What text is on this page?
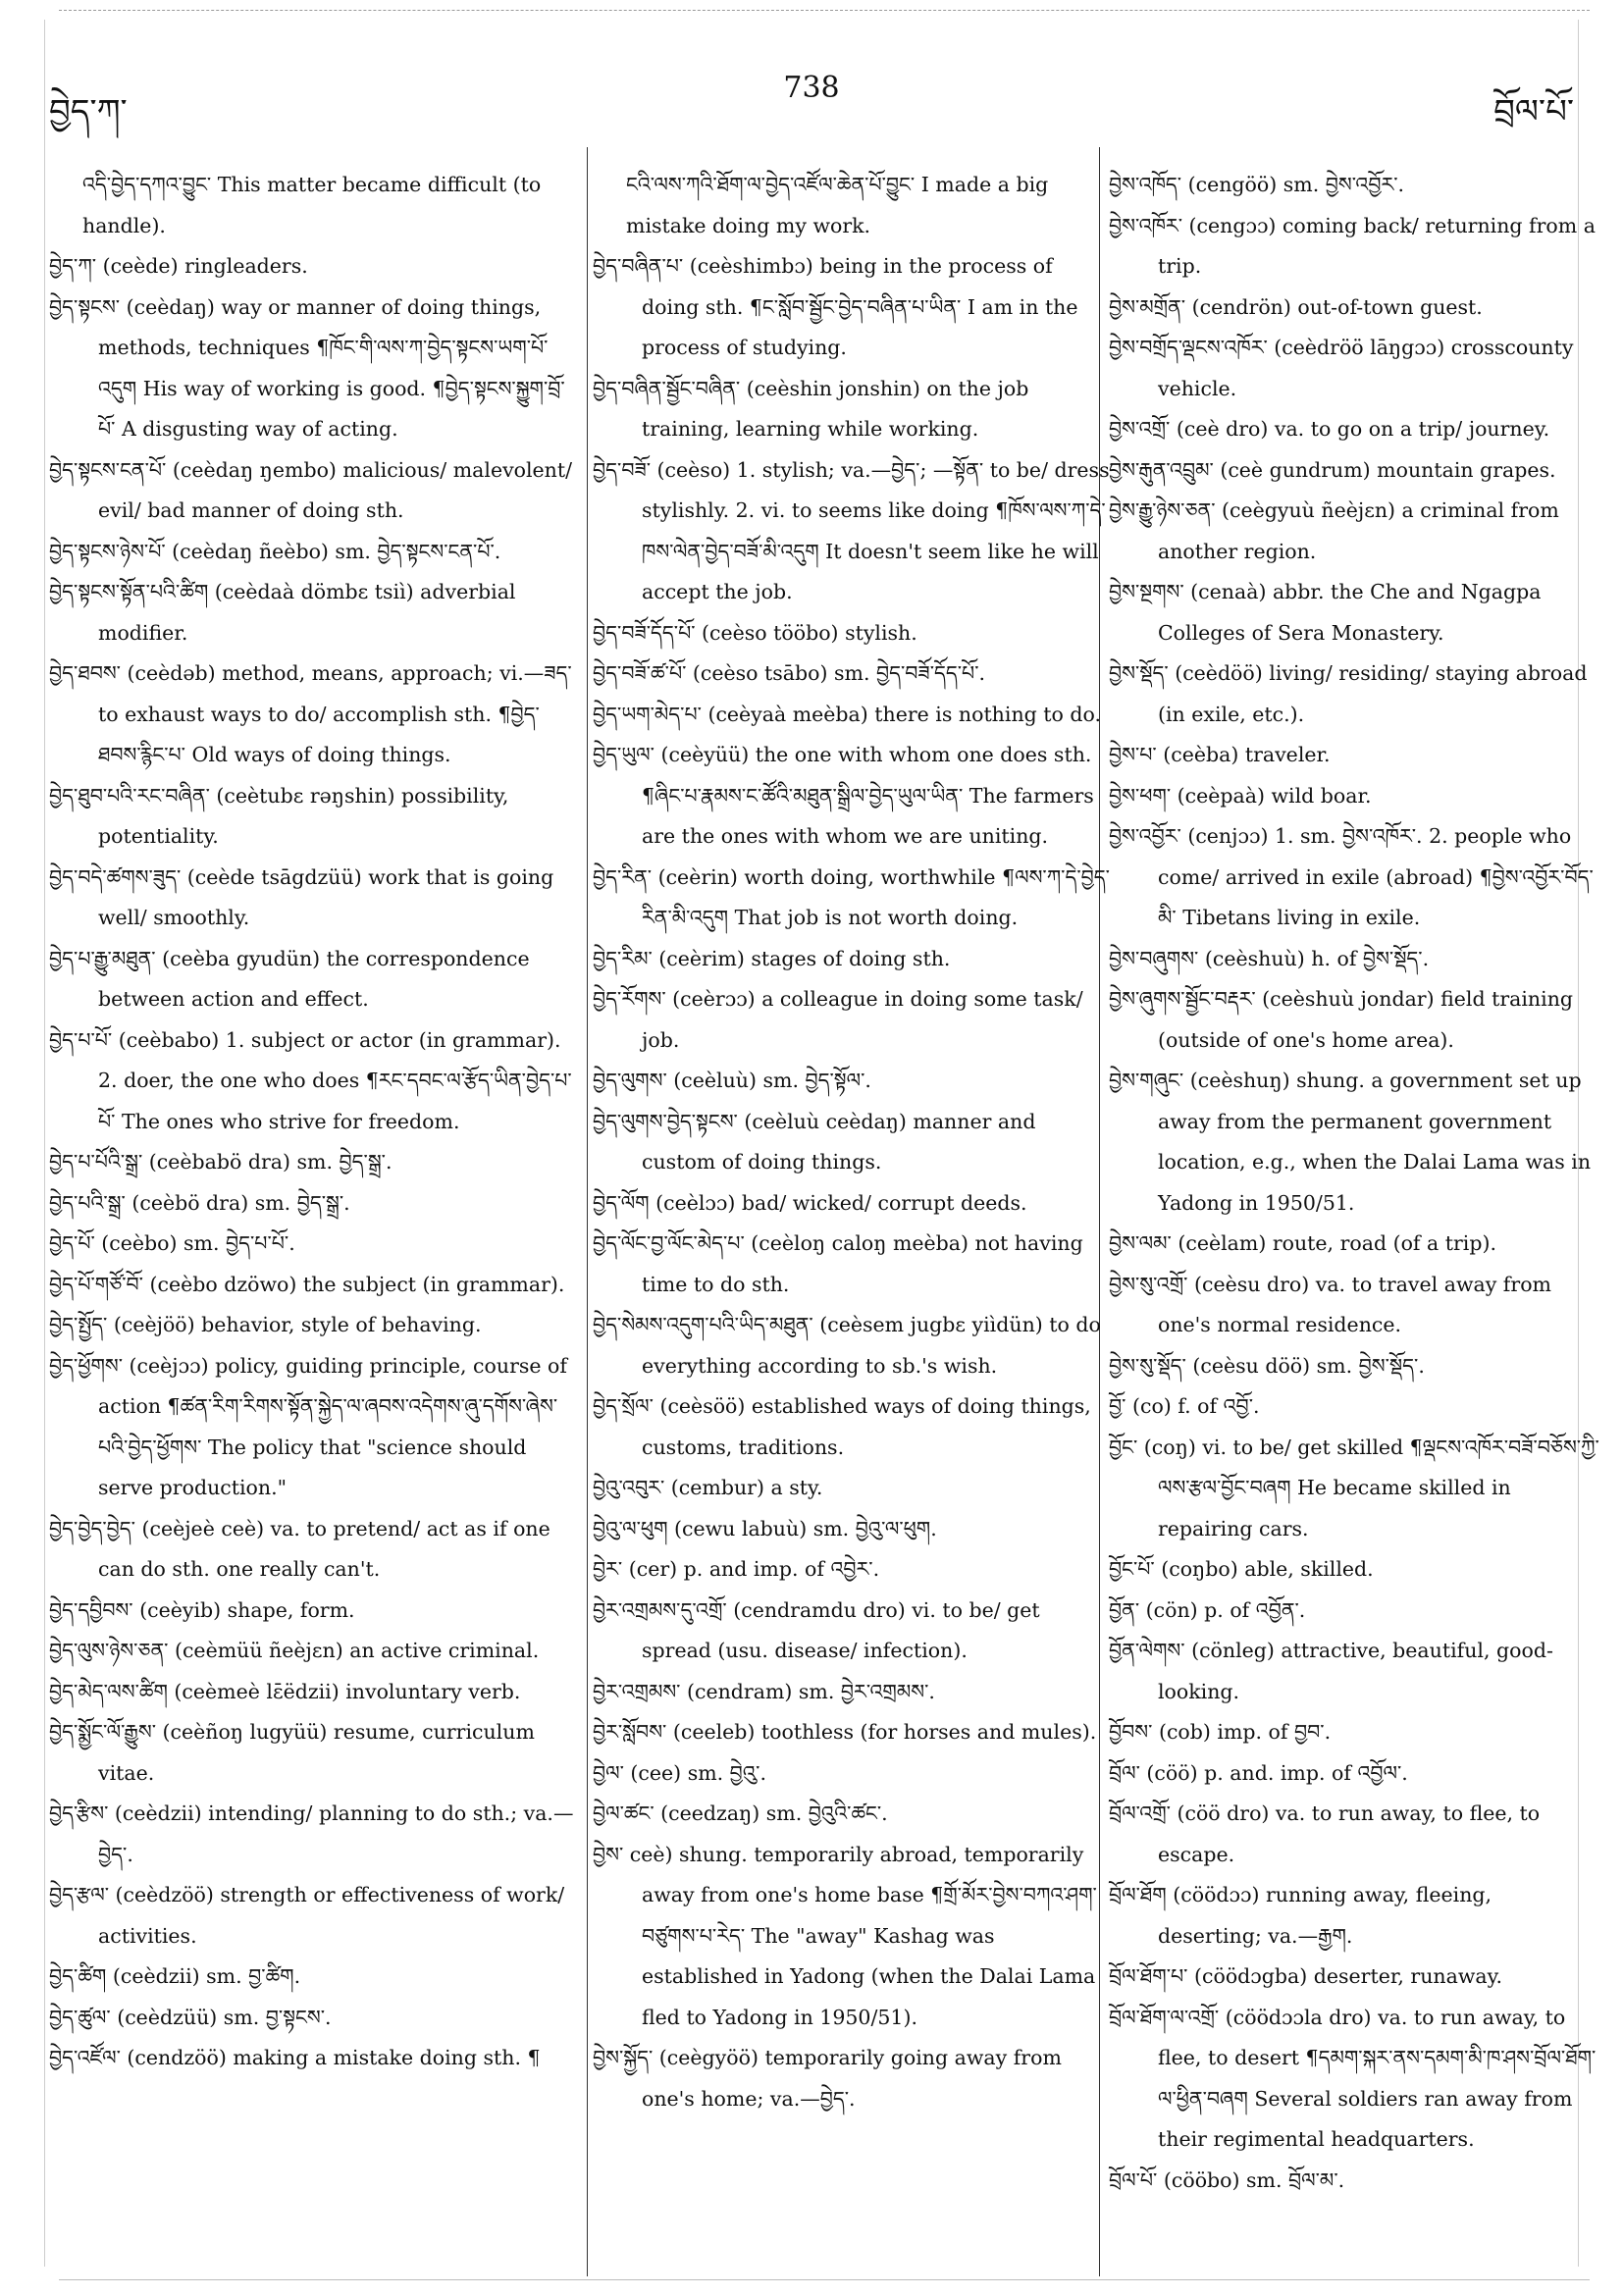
བྱེད་ཀ་
738
བྲོལ་པོ་

འདི་བྱེད་དཀའ་བྱུང་ This matter became difficult (to handle).

བྱེད་ཀ་ (ceède) ringleaders.

བྱེད་སྟངས་ (ceèdaŋ) way or manner of doing things, methods, techniques ¶ཁོང་གི་ལས་ཀ་བྱེད་སྟངས་ཡག་པོ་འདུག His way of working is good. ¶བྱེད་སྟངས་སྐྱུག་བྲོ་པོ་ A disgusting way of acting.

བྱེད་སྟངས་ངན་པོ་ (ceèdaŋ ŋembo) malicious/ malevolent/ evil/ bad manner of doing sth.

བྱེད་སྟངས་ཉེས་པོ་ (ceèdaŋ ñeèbo) sm. བྱེད་སྟངས་ངན་པོ་.

བྱེད་སྟངས་སྟོན་པའི་ཚིག (ceèdaà dömbɛ tsiì) adverbial modifier.

བྱེད་ཐབས་ (ceèdəb) method, means, approach; vi.—ཟད་ to exhaust ways to do/ accomplish sth. ¶བྱེད་ཐབས་རྙིང་པ་ Old ways of doing things.

བྱེད་ཐུབ་པའི་རང་བཞིན་ (ceètubε rəŋshin) possibility, potentiality.

བྱེད་བདེ་ཚགས་ཟུད་ (ceède tsāgdzüü) work that is going well/ smoothly.

བྱེད་པ་རྒྱུ་མཐུན་ (ceèba gyudün) the correspondence between action and effect.

བྱེད་པ་པོ་ (ceèbabo) 1. subject or actor (in grammar). 2. doer, the one who does ¶རང་དབང་ལ་རྩོད་ཡིན་བྱེད་པ་པོ་ The ones who strive for freedom.

བྱེད་པ་པོའི་སྒྲ་ (ceèbabö dra) sm. བྱེད་སྒྲ་.

བྱེད་པའི་སྒྲ་ (ceèbö dra) sm. བྱེད་སྒྲ་.

བྱེད་པོ་ (ceèbo) sm. བྱེད་པ་པོ་.

བྱེད་པོ་གཙོ་བོ་ (ceèbo dzöwo) the subject (in grammar).

བྱེད་སྤྱོད་ (ceèjöö) behavior, style of behaving.

བྱེད་ཕྱོགས་ (ceèjɔɔ) policy, guiding principle, course of action ¶ཚན་རིག་རིགས་སྟོན་སྐྱེད་ལ་ཞབས་འདེགས་ཞུ་དགོས་ཞེས་པའི་བྱེད་ཕྱོགས་ The policy that "science should serve production."

བྱེད་བྱེད་བྱེད་ (ceèjeè ceè) va. to pretend/ act as if one can do sth. one really can't.

བྱེད་དབྱིབས་ (ceèyib) shape, form.

བྱེད་ལུས་ཉེས་ཅན་ (ceèmüü ñeèjɛn) an active criminal.

བྱེད་མེད་ལས་ཚིག (ceèmeè lɛ̄ëdzii) involuntary verb.

བྱེད་སྨྱོང་ལོ་རྒྱུས་ (ceèñoŋ lugyüü) resume, curriculum vitae.

བྱེད་རྩིས་ (ceèdzii) intending/ planning to do sth.; va.—བྱེད་.

བྱེད་རྩལ་ (ceèdzöö) strength or effectiveness of work/ activities.

བྱེད་ཚིག (ceèdzii) sm. བྱ་ཚིག.

བྱེད་ཚུལ་ (ceèdzüü) sm. བྱ་སྟངས་.

བྱེད་འཛོལ་ (cendzöö) making a mistake doing sth. ¶

ངའི་ལས་ཀའི་ཐོག་ལ་བྱེད་འཛོལ་ཆེན་པོ་བྱུང་ I made a big mistake doing my work.

བྱེད་བཞིན་པ་ (ceèshimbɔ) being in the process of doing sth. ¶ང་སློབ་སྦྱོང་བྱེད་བཞིན་པ་ཡིན་ I am in the process of studying.

བྱེད་བཞིན་སྦྱོང་བཞིན་ (ceèshin jonshin) on the job training, learning while working.

བྱེད་བཟོ་ (ceèso) 1. stylish; va.—བྱེད་; —སྟོན་ to be/ dress stylishly. 2. vi. to seems like doing ¶ཁོས་ལས་ཀ་དེ་ཁས་ལེན་བྱེད་བཟོ་མི་འདུག It doesn't seem like he will accept the job.

བྱེད་བཟོ་དོད་པོ་ (ceèso tööbo) stylish.

བྱེད་བཟོ་ཚ་པོ་ (ceèso tsābo) sm. བྱེད་བཟོ་དོད་པོ་.

བྱེད་ཡག་མེད་པ་ (ceèyaà meèba) there is nothing to do.

བྱེད་ཡུལ་ (ceèyüü) the one with whom one does sth. ¶ཞིང་པ་རྣམས་ང་ཚོའི་མཐུན་སྒྲིལ་བྱེད་ཡུལ་ཡིན་ The farmers are the ones with whom we are uniting.

བྱེད་རིན་ (ceèrin) worth doing, worthwhile ¶ལས་ཀ་དེ་བྱེད་རིན་མི་འདུག That job is not worth doing.

བྱེད་རིམ་ (ceèrim) stages of doing sth.

བྱེད་རོགས་ (ceèrɔɔ) a colleague in doing some task/ job.

བྱེད་ལུགས་ (ceèluù) sm. བྱེད་སྟོལ་.

བྱེད་ལུགས་བྱེད་སྟངས་ (ceèluù ceèdaŋ) manner and custom of doing things.

བྱེད་ལོག (ceèlɔɔ) bad/ wicked/ corrupt deeds.

བྱེད་ལོང་བྱ་ལོང་མེད་པ་ (ceèloŋ caloŋ meèba) not having time to do sth.

བྱེད་སེམས་འདུག་པའི་ཡིད་མཐུན་ (ceèsem jugbɛ yiìdün) to do everything according to sb.'s wish.

བྱེད་སྲོལ་ (ceèsöö) established ways of doing things, customs, traditions.

བྱེའུ་འབུར་ (cembur) a sty.

བྱེའུ་ལ་ཕུག (cewu labuù) sm. བྱེའུ་ལ་ཕུག.

བྱེར་ (cer) p. and imp. of འབྱེར་.

བྱེར་འགྲམས་དུ་འགྲོ་ (cendramdu dro) vi. to be/ get spread (usu. disease/ infection).

བྱེར་འགྲམས་ (cendram) sm. བྱེར་འགྲམས་.

བྱེར་སློབས་ (ceeleb) toothless (for horses and mules).

བྱེལ་ (cee) sm. བྱེའུ་.

བྱེལ་ཚང་ (ceedzaŋ) sm. བྱེའུའི་ཚང་.

བྱེས་ ceè) shung. temporarily abroad, temporarily away from one's home base ¶གྲོ་མོར་བྱེས་བཀའ་ཤག་བཙུགས་པ་རེད་ The "away" Kashag was established in Yadong (when the Dalai Lama fled to Yadong in 1950/51).

བྱེས་སྐྱོད་ (ceègyöö) temporarily going away from one's home; va.—བྱེད་.

བྱེས་འཁོད་ (cengöö) sm. བྱེས་འབྱོར་.

བྱེས་འཁོར་ (cengɔɔ) coming back/ returning from a trip.

བྱེས་མགྲོན་ (cendrön) out-of-town guest.

བྱེས་བགྲོད་ལྡངས་འཁོར་ (ceèdröö lāŋgɔɔ) crosscounty vehicle.

བྱེས་འགྲོ་ (ceè dro) va. to go on a trip/ journey.

བྱེས་རྒུན་འབྲུམ་ (ceè gundrum) mountain grapes.

བྱེས་རྒྱུ་ཉེས་ཅན་ (ceègyuù ñeèjɛn) a criminal from another region.

བྱེས་སྔགས་ (cenaà) abbr. the Che and Ngagpa Colleges of Sera Monastery.

བྱེས་སྡོད་ (ceèdöö) living/ residing/ staying abroad (in exile, etc.).

བྱེས་པ་ (ceèba) traveler.

བྱེས་ཕག་ (ceèpaà) wild boar.

བྱེས་འབྱོར་ (cenjɔɔ) 1. sm. བྱེས་འཁོར་. 2. people who come/ arrived in exile (abroad) ¶བྱེས་འབྱོར་བོད་མི་ Tibetans living in exile.

བྱེས་བཞུགས་ (ceèshuù) h. of བྱེས་སྡོད་.

བྱེས་ཞུགས་སྦྱོང་བརྡར་ (ceèshuù jondar) field training (outside of one's home area).

བྱེས་གཞུང་ (ceèshuŋ) shung. a government set up away from the permanent government location, e.g., when the Dalai Lama was in Yadong in 1950/51.

བྱེས་ལམ་ (ceèlam) route, road (of a trip).

བྱེས་སུ་འགྲོ་ (ceèsu dro) va. to travel away from one's normal residence.

བྱེས་སུ་སྡོད་ (ceèsu döö) sm. བྱེས་སྡོད་.

བྱོ་ (co) f. of འབྱོ་.

བྱོང་ (coŋ) vi. to be/ get skilled ¶ལྡངས་འཁོར་བཟོ་བཅོས་ཀྱི་ལས་རྩལ་བྱོང་བཞག He became skilled in repairing cars.

བྱོང་པོ་ (coŋbo) able, skilled.

བྱོན་ (cön) p. of འབྱོན་.

བྱོན་ལེགས་ (cönleg) attractive, beautiful, good-looking.

བྱོབས་ (cob) imp. of བྱབ་.

བྲོལ་ (cöö) p. and. imp. of འབྱོལ་.

བྲོལ་འགྲོ་ (cöö dro) va. to run away, to flee, to escape.

བྲོལ་ཐོག (cöödɔɔ) running away, fleeing, deserting; va.—རྒྱག.

བྲོལ་ཐོག་པ་ (cöödɔgba) deserter, runaway.

བྲོལ་ཐོག་ལ་འགྲོ་ (cöödɔɔla dro) va. to run away, to flee, to desert ¶དམག་སྐར་ནས་དམག་མི་ཁ་ཤས་བྲོལ་ཐོག་ལ་ཕྱིན་བཞག Several soldiers ran away from their regimental headquarters.

བྲོལ་པོ་ (cööbo) sm. བྲོལ་མ་.
